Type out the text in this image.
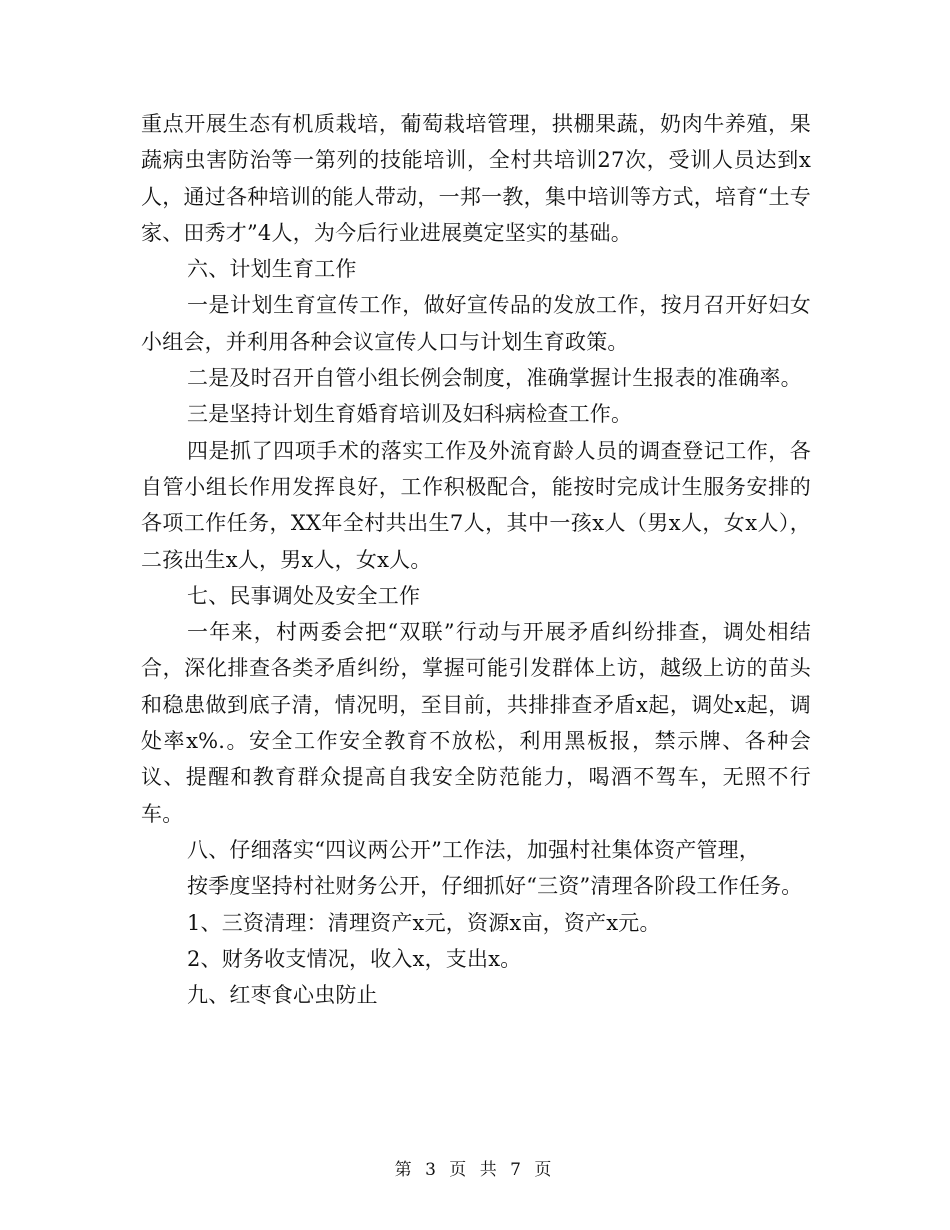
重点开展生态有机质栽培，葡萄栽培管理，拱棚果蔬，奶肉牛养殖，果蔬病虫害防治等一第列的技能培训，全村共培训27次，受训人员达到x人，通过各种培训的能人带动，一邦一教，集中培训等方式，培育“土专家、田秀才”4人，为今后行业进展奠定坚实的基础。

六、计划生育工作

一是计划生育宣传工作，做好宣传品的发放工作，按月召开好妇女小组会，并利用各种会议宣传人口与计划生育政策。

二是及时召开自管小组长例会制度，准确掌握计生报表的准确率。

三是坚持计划生育婚育培训及妇科病检查工作。

四是抓了四项手术的落实工作及外流育龄人员的调查登记工作，各自管小组长作用发挥良好，工作积极配合，能按时完成计生服务安排的各项工作任务，XX年全村共出生7人，其中一孩x人（男x人，女x人），二孩出生x人，男x人，女x人。

七、民事调处及安全工作

一年来，村两委会把“双联”行动与开展矛盾纠纷排查，调处相结合，深化排查各类矛盾纠纷，掌握可能引发群体上访，越级上访的苗头和稳患做到底子清，情况明，至目前，共排排查矛盾x起，调处x起，调处率x%.。安全工作安全教育不放松，利用黑板报，禁示牌、各种会议、提醒和教育群众提高自我安全防范能力，喝酒不驾车，无照不行车。

八、仔细落实“四议两公开”工作法，加强村社集体资产管理，

按季度坚持村社财务公开，仔细抓好“三资”清理各阶段工作任务。

1、三资清理：清理资产x元，资源x亩，资产x元。

2、财务收支情况，收入x，支出x。

九、红枣食心虫防止

第 3 页 共 7 页
